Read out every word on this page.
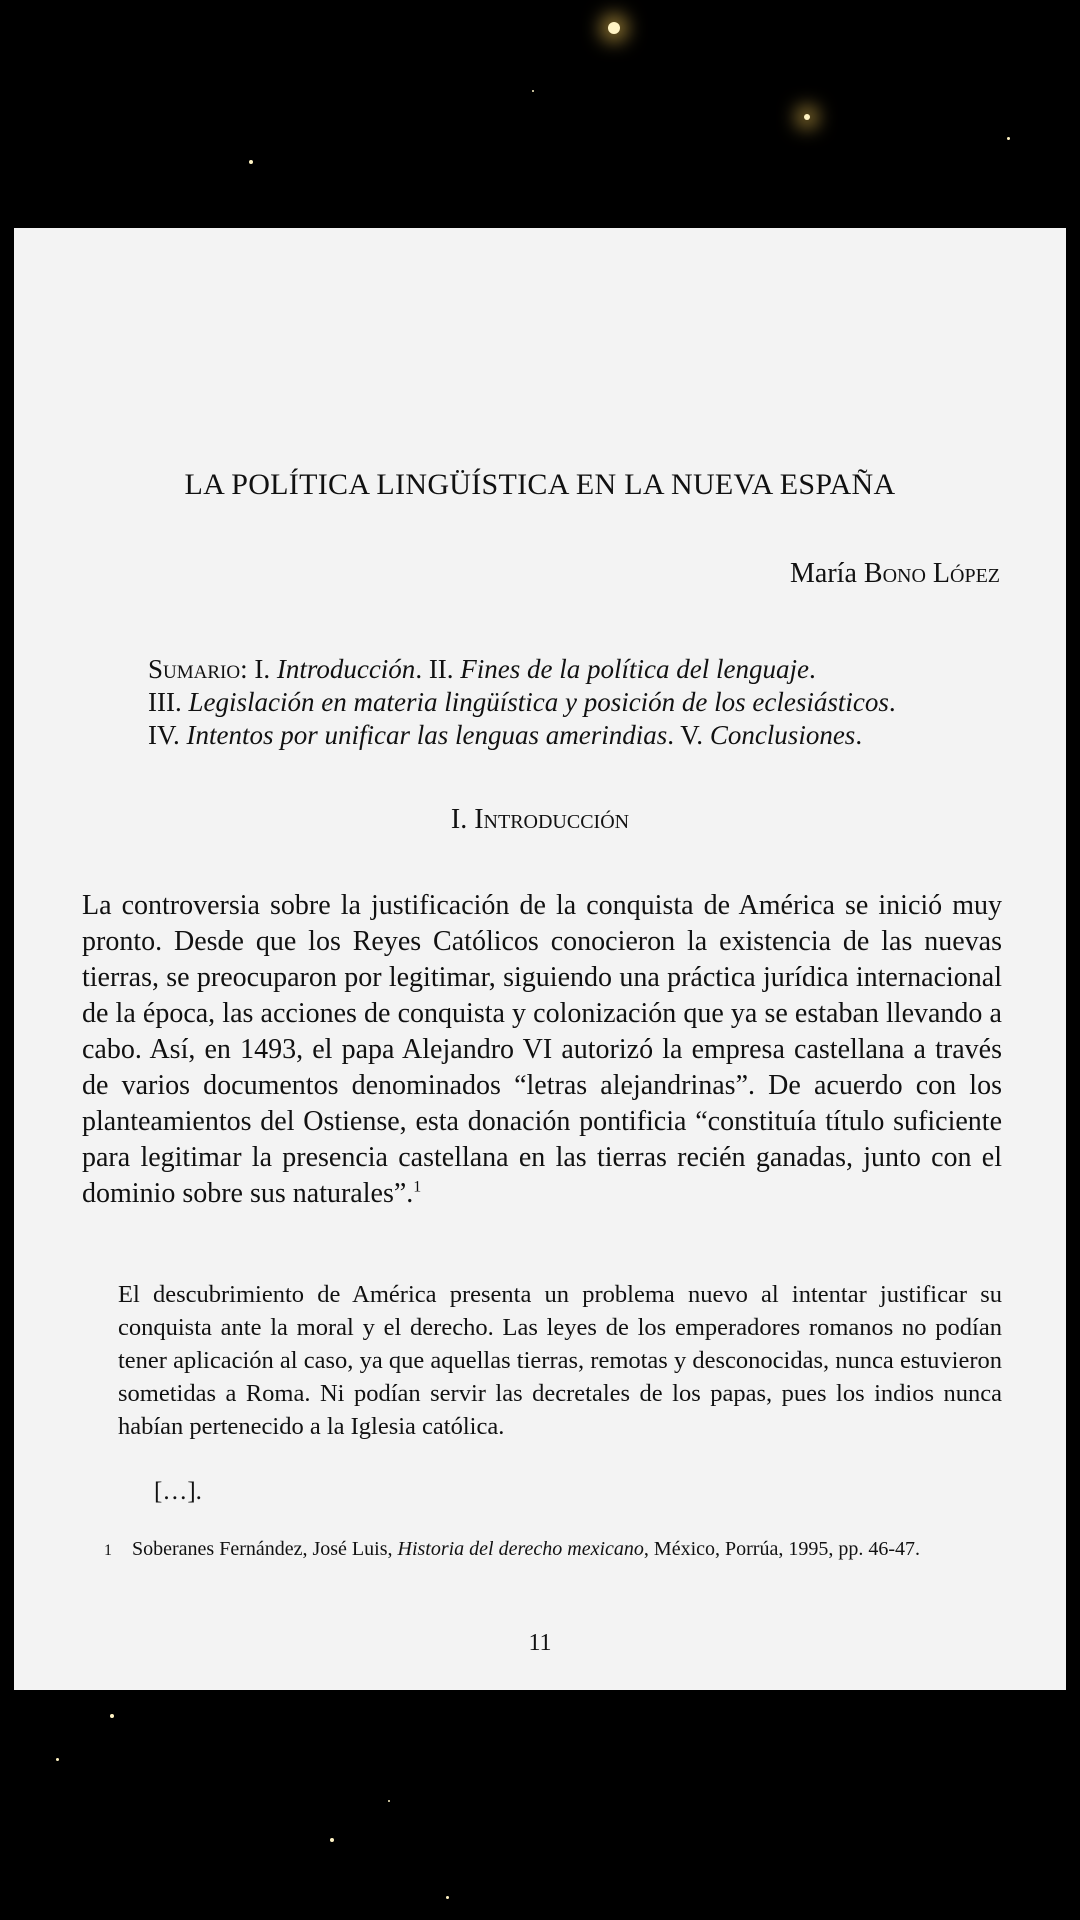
LA POLÍTICA LINGÜÍSTICA EN LA NUEVA ESPAÑA
María Bono López
Sumario: I. Introducción. II. Fines de la política del lenguaje.
III. Legislación en materia lingüística y posición de los eclesiásticos.
IV. Intentos por unificar las lenguas amerindias. V. Conclusiones.
I. Introducción
La controversia sobre la justificación de la conquista de América se inició muy pronto. Desde que los Reyes Católicos conocieron la existencia de las nuevas tierras, se preocuparon por legitimar, siguiendo una práctica jurídica internacional de la época, las acciones de conquista y colonización que ya se estaban llevando a cabo. Así, en 1493, el papa Alejandro VI autorizó la empresa castellana a través de varios documentos denominados “letras alejandrinas”. De acuerdo con los planteamientos del Ostiense, esta donación pontificia “constituía título suficiente para legitimar la presencia castellana en las tierras recién ganadas, junto con el dominio sobre sus naturales”.$^1$
El descubrimiento de América presenta un problema nuevo al intentar justificar su conquista ante la moral y el derecho. Las leyes de los emperadores romanos no podían tener aplicación al caso, ya que aquellas tierras, remotas y desconocidas, nunca estuvieron sometidas a Roma. Ni podían servir las decretales de los papas, pues los indios nunca habían pertenecido a la Iglesia católica.
[…].
1 Soberanes Fernández, José Luis, Historia del derecho mexicano, México, Porrúa, 1995, pp. 46-47.
11
